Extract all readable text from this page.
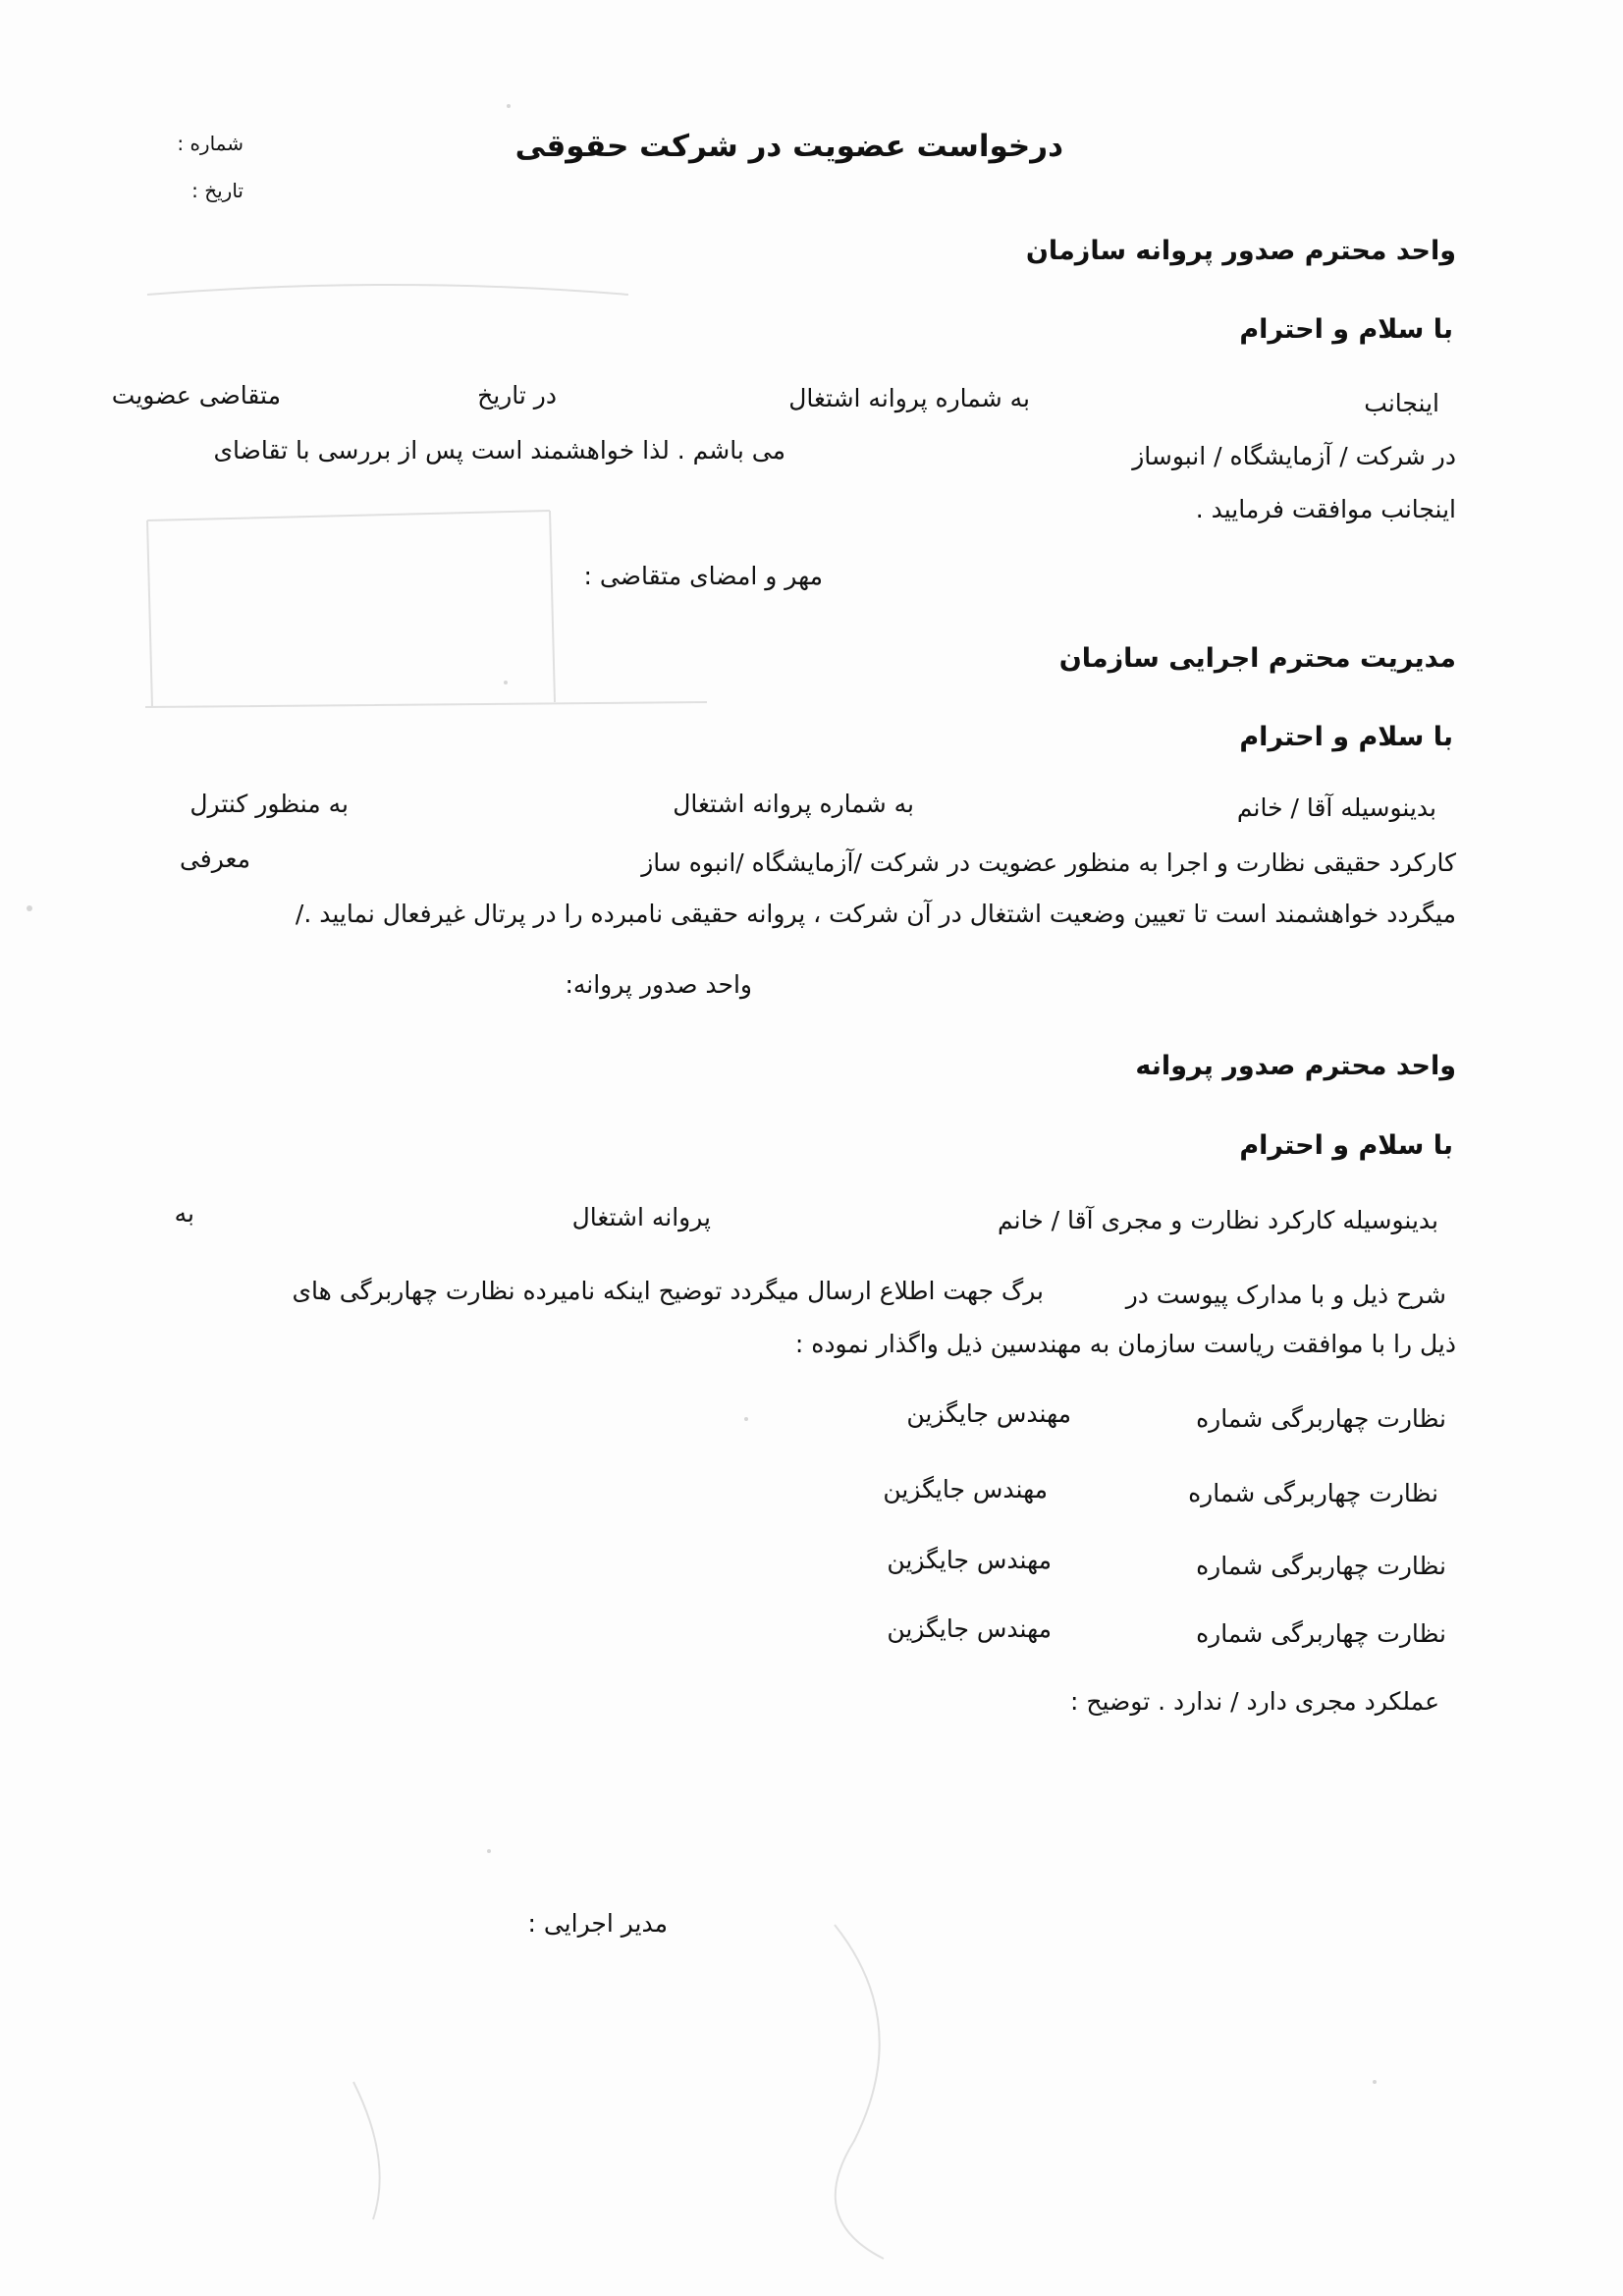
شماره :
تاریخ :
درخواست عضویت در شرکت حقوقی
واحد محترم صدور پروانه سازمان
با سلام و احترام
اینجانب
به شماره پروانه اشتغال
در تاریخ
متقاضی عضویت
در شرکت / آزمایشگاه / انبوساز
می باشم . لذا خواهشمند است پس از بررسی با تقاضای
اینجانب موافقت فرمایید .
مهر و امضای متقاضی :
مدیریت محترم اجرایی سازمان
با سلام و احترام
بدینوسیله آقا / خانم
به شماره پروانه اشتغال
به منظور کنترل
کارکرد حقیقی نظارت و اجرا به منظور عضویت در شرکت /آزمایشگاه /انبوه ساز
معرفی
میگردد خواهشمند است تا تعیین وضعیت اشتغال در آن شرکت ، پروانه حقیقی نامبرده را در پرتال غیرفعال نمایید ./
واحد صدور پروانه:
واحد محترم صدور پروانه
با سلام و احترام
بدینوسیله کارکرد نظارت و مجری آقا / خانم
پروانه اشتغال
به
شرح ذیل و با مدارک پیوست در
برگ جهت اطلاع ارسال میگردد توضیح اینکه نامیرده نظارت چهاربرگی های
ذیل را با موافقت ریاست سازمان به مهندسین ذیل واگذار نموده :
نظارت چهاربرگی شماره
مهندس جایگزین
نظارت چهاربرگی شماره
مهندس جایگزین
نظارت چهاربرگی شماره
مهندس جایگزین
نظارت چهاربرگی شماره
مهندس جایگزین
عملکرد مجری دارد / ندارد . توضیح :
مدیر اجرایی :
